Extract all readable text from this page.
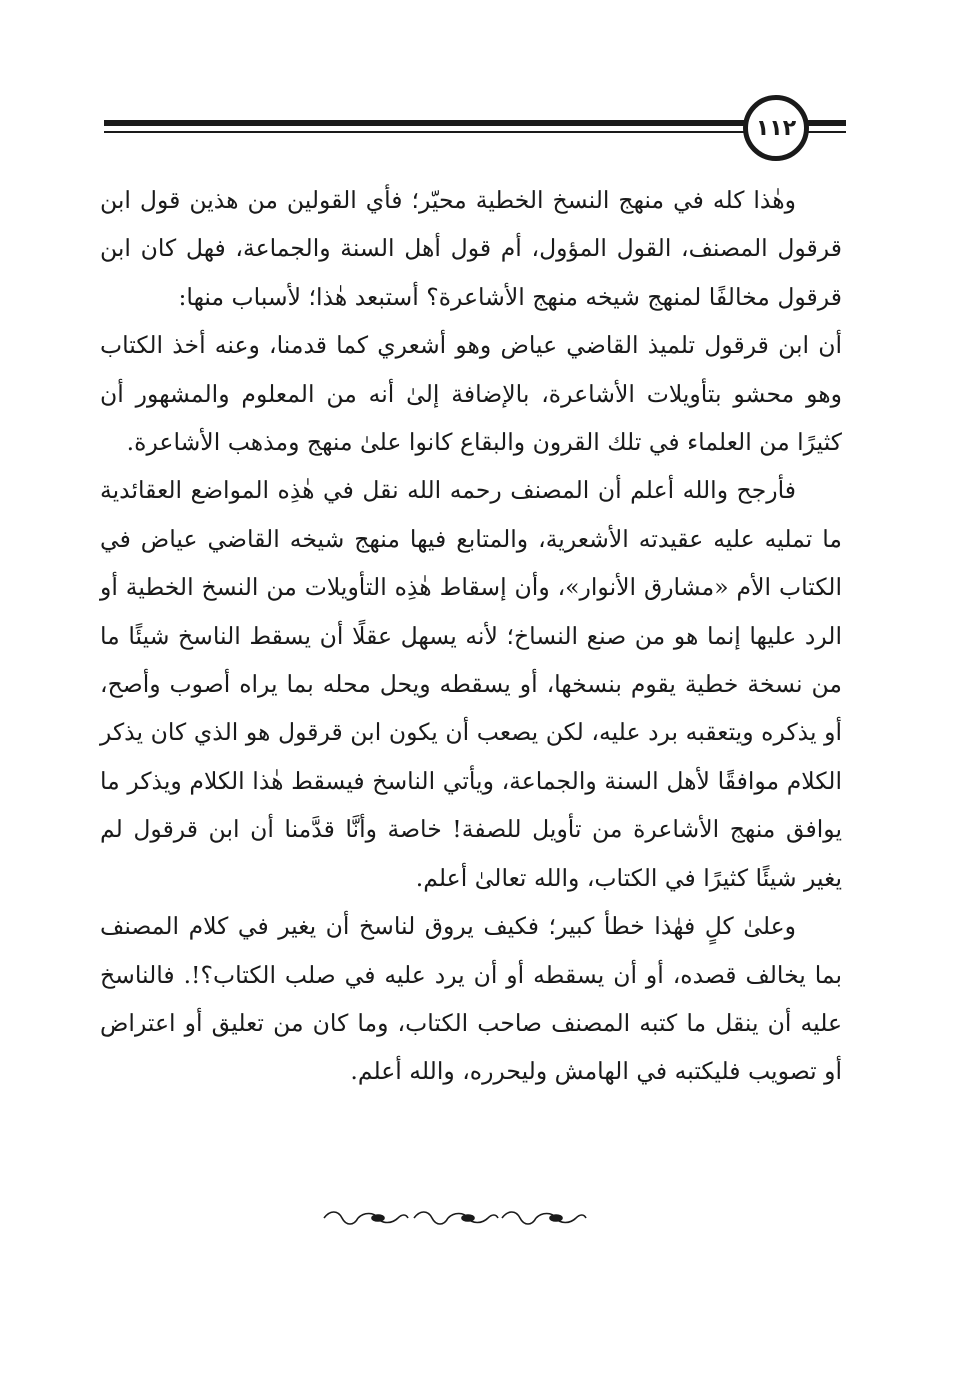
١١٢

وهٰذا كله في منهج النسخ الخطية محيّر؛ فأي القولين من هذين قول ابن قرقول المصنف، القول المؤول، أم قول أهل السنة والجماعة، فهل كان ابن قرقول مخالفًا لمنهج شيخه منهج الأشاعرة؟ أستبعد هٰذا؛ لأسباب منها:

أن ابن قرقول تلميذ القاضي عياض وهو أشعري كما قدمنا، وعنه أخذ الكتاب وهو محشو بتأويلات الأشاعرة، بالإضافة إلىٰ أنه من المعلوم والمشهور أن كثيرًا من العلماء في تلك القرون والبقاع كانوا علىٰ منهج ومذهب الأشاعرة.

فأرجح والله أعلم أن المصنف رحمه الله نقل في هٰذِه المواضع العقائدية ما تمليه عليه عقيدته الأشعرية، والمتابع فيها منهج شيخه القاضي عياض في الكتاب الأم «مشارق الأنوار»، وأن إسقاط هٰذِه التأويلات من النسخ الخطية أو الرد عليها إنما هو من صنع النساخ؛ لأنه يسهل عقلًا أن يسقط الناسخ شيئًا ما من نسخة خطية يقوم بنسخها، أو يسقطه ويحل محله بما يراه أصوب وأصح، أو يذكره ويتعقبه برد عليه، لكن يصعب أن يكون ابن قرقول هو الذي كان يذكر الكلام موافقًا لأهل السنة والجماعة، ويأتي الناسخ فيسقط هٰذا الكلام ويذكر ما يوافق منهج الأشاعرة من تأويل للصفة! خاصة وأنَّا قدَّمنا أن ابن قرقول لم يغير شيئًا كثيرًا في الكتاب، والله تعالىٰ أعلم.

وعلىٰ كلٍ فهٰذا خطأ كبير؛ فكيف يروق لناسخ أن يغير في كلام المصنف بما يخالف قصده، أو أن يسقطه أو أن يرد عليه في صلب الكتاب؟!. فالناسخ عليه أن ينقل ما كتبه المصنف صاحب الكتاب، وما كان من تعليق أو اعتراض أو تصويب فليكتبه في الهامش وليحرره، والله أعلم.
